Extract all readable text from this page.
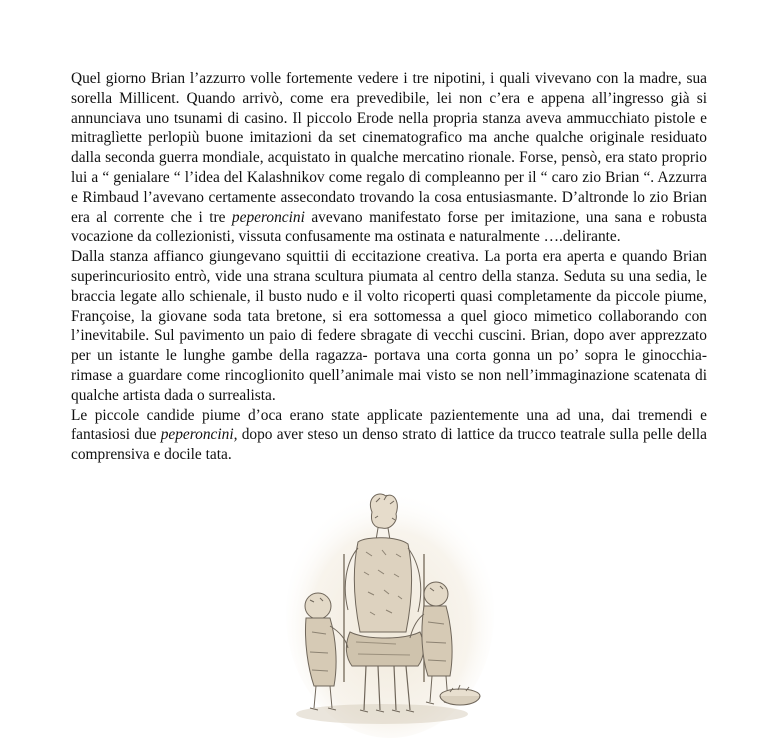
Quel giorno Brian l’azzurro volle fortemente vedere i tre nipotini, i quali vivevano con la madre, sua sorella Millicent. Quando arrivò, come era prevedibile, lei non c’era e appena all’ingresso già si annunciava uno tsunami di casino. Il piccolo Erode nella propria stanza aveva ammucchiato pistole e mitraglìette perlopiù buone imitazioni da set cinematografico ma anche qualche originale residuato dalla seconda guerra mondiale, acquistato in qualche mercatino rionale. Forse, pensò, era stato proprio lui a “ genialare “ l’idea del Kalashnikov come regalo di compleanno per il “ caro zio Brian “. Azzurra e Rimbaud l’avevano certamente assecondato trovando la cosa entusiasmante. D’altronde lo zio Brian era al corrente che i tre peperoncini avevano manifestato forse per imitazione, una sana e robusta vocazione da collezionisti, vissuta confusamente ma ostinata e naturalmente ….delirante.

Dalla stanza affianco giungevano squittii di eccitazione creativa. La porta era aperta e quando Brian superincuriosito entrò, vide una strana scultura piumata al centro della stanza. Seduta su una sedia, le braccia legate allo schienale, il busto nudo e il volto ricoperti quasi completamente da piccole piume, Françoise, la giovane soda tata bretone, si era sottomessa a quel gioco mimetico collaborando con l’inevitabile. Sul pavimento un paio di federe sbragate di vecchi cuscini. Brian, dopo aver apprezzato per un istante le lunghe gambe della ragazza- portava una corta gonna un po’ sopra le ginocchia- rimase a guardare come rincoglionito quell’animale mai visto se non nell’immaginazione scatenata di qualche artista dada o surrealista.

Le piccole candide piume d’oca erano state applicate pazientemente una ad una, dai tremendi e fantasiosi due peperoncini, dopo aver steso un denso strato di lattice da trucco teatrale sulla pelle della comprensiva e docile tata.
